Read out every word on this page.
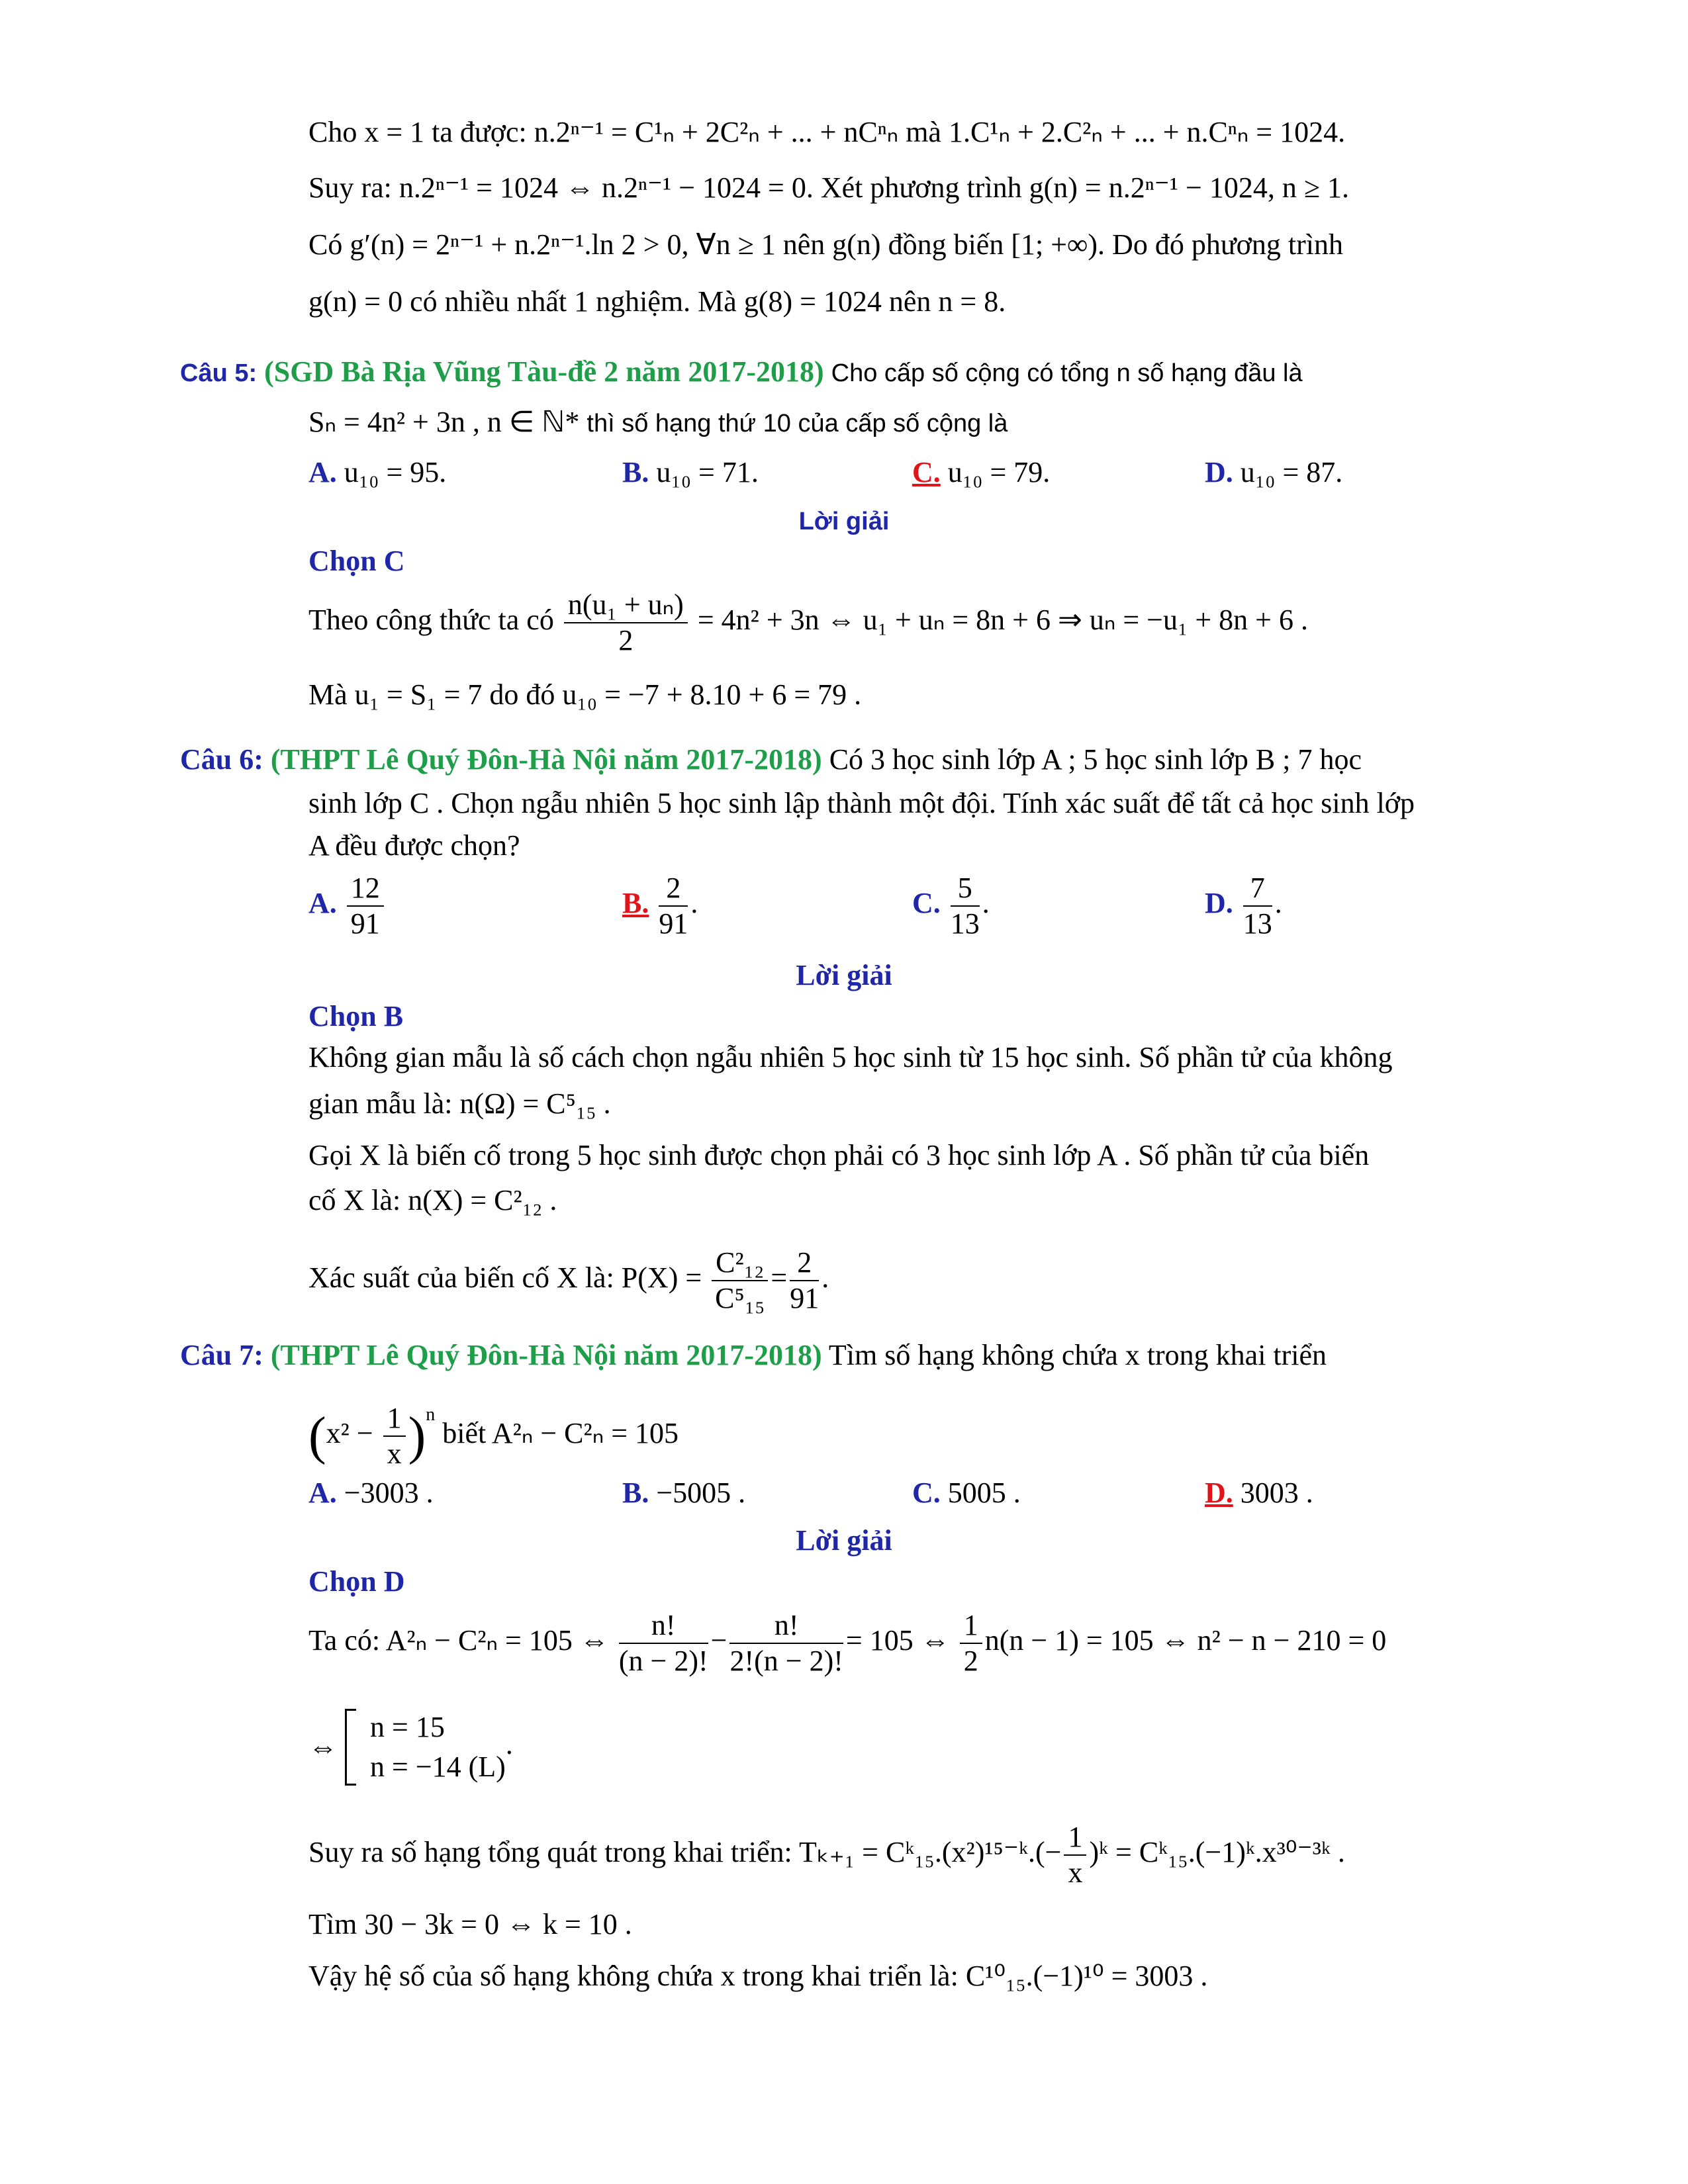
Cho x = 1 ta được: n.2ⁿ⁻¹ = C¹ₙ + 2C²ₙ + ... + nCⁿₙ mà 1.C¹ₙ + 2.C²ₙ + ... + n.Cⁿₙ = 1024.
Suy ra: n.2ⁿ⁻¹ = 1024 ⇔ n.2ⁿ⁻¹ − 1024 = 0. Xét phương trình g(n) = n.2ⁿ⁻¹ − 1024, n ≥ 1.
Có g′(n) = 2ⁿ⁻¹ + n.2ⁿ⁻¹.ln 2 > 0, ∀n ≥ 1 nên g(n) đồng biến [1; +∞). Do đó phương trình
g(n) = 0 có nhiều nhất 1 nghiệm. Mà g(8) = 1024 nên n = 8.
Câu 5: (SGD Bà Rịa Vũng Tàu-đề 2 năm 2017-2018) Cho cấp số cộng có tổng n số hạng đầu là
Sₙ = 4n² + 3n , n ∈ ℕ* thì số hạng thứ 10 của cấp số cộng là
A. u₁₀ = 95.	B. u₁₀ = 71.	C. u₁₀ = 79.	D. u₁₀ = 87.
Lời giải
Chọn C
Theo công thức ta có $\frac{\text{n(u₁ + uₙ)}}{2} = 4n^2 + 3n$ ⇔ u₁ + uₙ = 8n + 6 ⇒ uₙ = −u₁ + 8n + 6 .
Mà u₁ = S₁ = 7 do đó u₁₀ = −7 + 8.10 + 6 = 79 .
Câu 6: (THPT Lê Quý Đôn-Hà Nội năm 2017-2018) Có 3 học sinh lớp A ; 5 học sinh lớp B ; 7 học
sinh lớp C . Chọn ngẫu nhiên 5 học sinh lập thành một đội. Tính xác suất để tất cả học sinh lớp
A đều được chọn?
A. $\frac{12}{91}$	B. $\frac{2}{91}$ .	C. $\frac{5}{13}$ .	D. $\frac{7}{13}$ .
Lời giải
Chọn B
Không gian mẫu là số cách chọn ngẫu nhiên 5 học sinh từ 15 học sinh. Số phần tử của không
gian mẫu là: n(Ω) = C⁵₁₅ .
Gọi X là biến cố trong 5 học sinh được chọn phải có 3 học sinh lớp A . Số phần tử của biến
cố X là: n(X) = C²₁₂ .
Xác suất của biến cố X là: $P(X) = \frac{\text{C²₁₂}}{\text{C⁵₁₅}} = \frac{2}{91}$ .
Câu 7: (THPT Lê Quý Đôn-Hà Nội năm 2017-2018) Tìm số hạng không chứa x trong khai triển
$(x^2 - \frac{1}{x} )^n$ biết A²ₙ − C²ₙ = 105
A. −3003 .	B. −5005 .	C. 5005 .	D. 3003 .
Lời giải
Chọn D
Ta có: A²ₙ − C²ₙ = 105 ⇔ $\frac{n!}{(n - 2)!} - \frac{n!}{2!(n - 2)!} = 105$ ⇔ $\frac{1}{2} n(n - 1) = 105$ ⇔ n² − n − 210 = 0
⇔
n = 15
n = −14 (L)
.
Suy ra số hạng tổng quát trong khai triển: Tₖ₊₁ = Cᵏ₁₅.(x²)¹⁵⁻ᵏ.(− $\frac{1}{x}$ )ᵏ = Cᵏ₁₅.(−1)ᵏ.x³⁰⁻³ᵏ .
Tìm 30 − 3k = 0 ⇔ k = 10 .
Vậy hệ số của số hạng không chứa x trong khai triển là: C¹⁰₁₅.(−1)¹⁰ = 3003 .
